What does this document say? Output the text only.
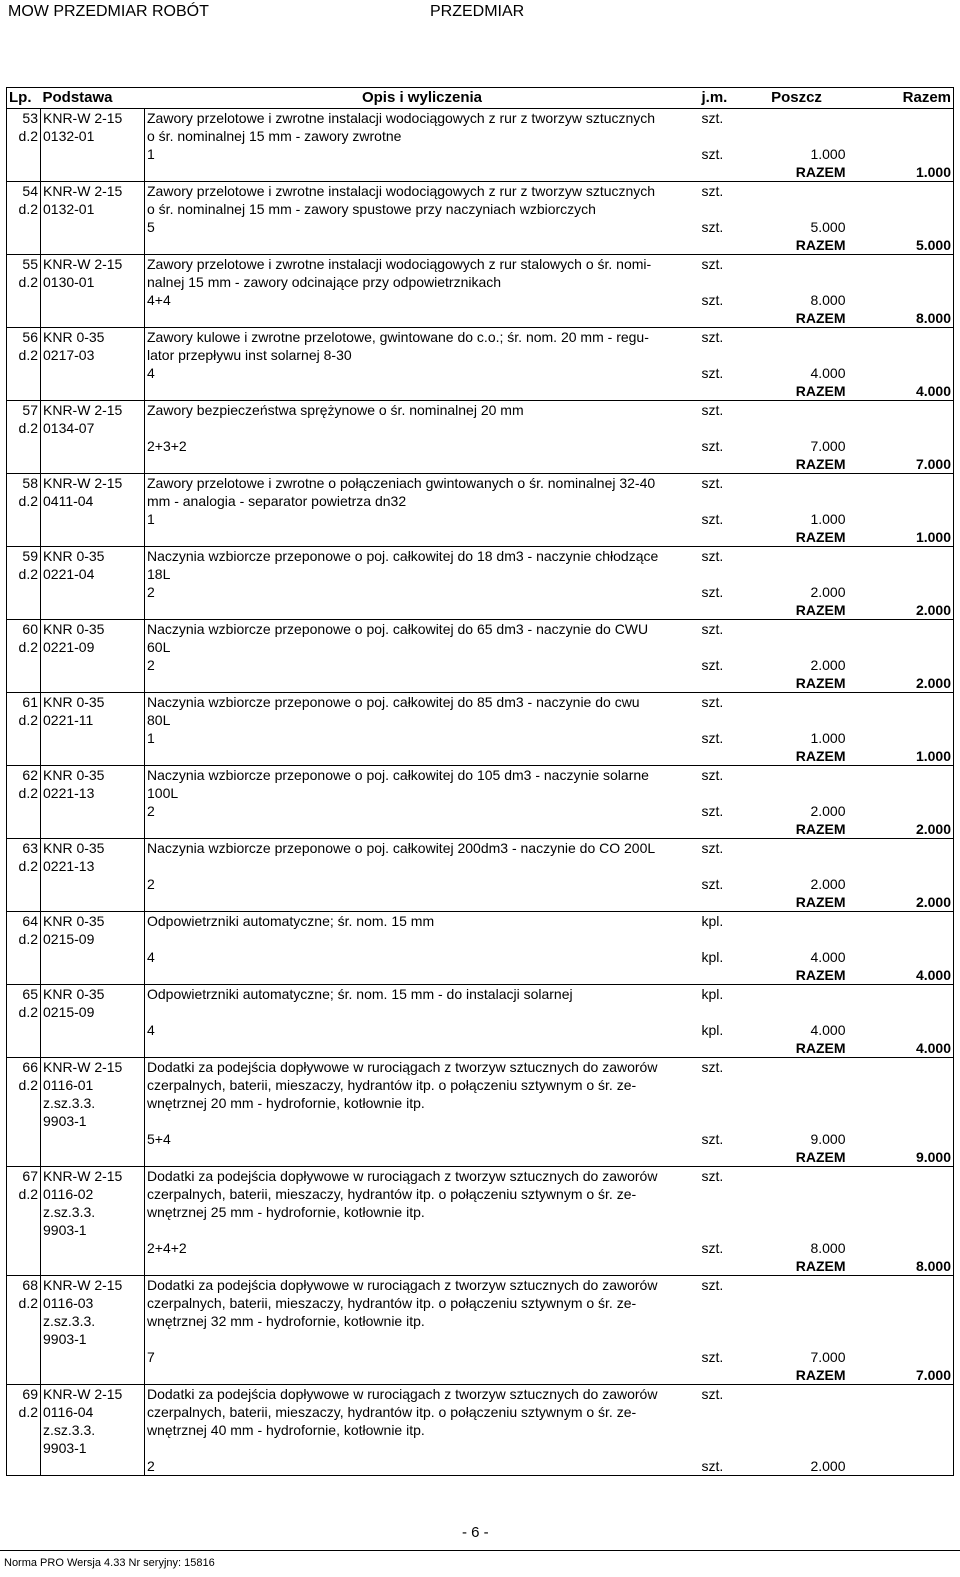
MOW PRZEDMIAR ROBÓT	PRZEDMIAR
Lp.	Podstawa	Opis i wyliczenia	j.m.	Poszcz	Razem
53	KNR-W 2-15	Zawory przelotowe i zwrotne instalacji wodociągowych z rur z tworzyw sztucznych	szt.		
d.2	0132-01	o śr. nominalnej 15 mm - zawory zwrotne			
		1	szt.	1.000	
				RAZEM	1.000
54	KNR-W 2-15	Zawory przelotowe i zwrotne instalacji wodociągowych z rur z tworzyw sztucznych	szt.		
d.2	0132-01	o śr. nominalnej 15 mm - zawory spustowe przy naczyniach wzbiorczych			
		5	szt.	5.000	
				RAZEM	5.000
55	KNR-W 2-15	Zawory przelotowe i zwrotne instalacji wodociągowych z rur stalowych o śr. nomi-	szt.		
d.2	0130-01	nalnej 15 mm - zawory odcinające przy odpowietrznikach			
		4+4	szt.	8.000	
				RAZEM	8.000
56	KNR 0-35	Zawory kulowe i zwrotne przelotowe, gwintowane do c.o.; śr. nom. 20 mm - regu-	szt.		
d.2	0217-03	lator przepływu inst solarnej 8-30			
		4	szt.	4.000	
				RAZEM	4.000
57	KNR-W 2-15	Zawory bezpieczeństwa sprężynowe o śr. nominalnej 20 mm	szt.		
d.2	0134-07				
		2+3+2	szt.	7.000	
				RAZEM	7.000
58	KNR-W 2-15	Zawory przelotowe i zwrotne o połączeniach gwintowanych o śr. nominalnej 32-40	szt.		
d.2	0411-04	mm - analogia - separator powietrza dn32			
		1	szt.	1.000	
				RAZEM	1.000
59	KNR 0-35	Naczynia wzbiorcze przeponowe o poj. całkowitej do 18 dm3 - naczynie chłodzące	szt.		
d.2	0221-04	18L			
		2	szt.	2.000	
				RAZEM	2.000
60	KNR 0-35	Naczynia wzbiorcze przeponowe o poj. całkowitej do 65 dm3 - naczynie do CWU	szt.		
d.2	0221-09	60L			
		2	szt.	2.000	
				RAZEM	2.000
61	KNR 0-35	Naczynia wzbiorcze przeponowe o poj. całkowitej do 85 dm3 - naczynie do cwu	szt.		
d.2	0221-11	80L			
		1	szt.	1.000	
				RAZEM	1.000
62	KNR 0-35	Naczynia wzbiorcze przeponowe o poj. całkowitej do 105 dm3 - naczynie solarne	szt.		
d.2	0221-13	100L			
		2	szt.	2.000	
				RAZEM	2.000
63	KNR 0-35	Naczynia wzbiorcze przeponowe o poj. całkowitej 200dm3 - naczynie do CO 200L	szt.		
d.2	0221-13				
		2	szt.	2.000	
				RAZEM	2.000
64	KNR 0-35	Odpowietrzniki automatyczne; śr. nom. 15 mm	kpl.		
d.2	0215-09				
		4	kpl.	4.000	
				RAZEM	4.000
65	KNR 0-35	Odpowietrzniki automatyczne; śr. nom. 15 mm - do instalacji solarnej	kpl.		
d.2	0215-09				
		4	kpl.	4.000	
				RAZEM	4.000
66	KNR-W 2-15	Dodatki za podejścia dopływowe w rurociągach z tworzyw sztucznych do zaworów	szt.		
d.2	0116-01	czerpalnych, baterii, mieszaczy, hydrantów itp. o połączeniu sztywnym o śr. ze-			
	z.sz.3.3.	wnętrznej 20 mm - hydrofornie, kotłownie itp.			
	9903-1				
		5+4	szt.	9.000	
				RAZEM	9.000
67	KNR-W 2-15	Dodatki za podejścia dopływowe w rurociągach z tworzyw sztucznych do zaworów	szt.		
d.2	0116-02	czerpalnych, baterii, mieszaczy, hydrantów itp. o połączeniu sztywnym o śr. ze-			
	z.sz.3.3.	wnętrznej 25 mm - hydrofornie, kotłownie itp.			
	9903-1				
		2+4+2	szt.	8.000	
				RAZEM	8.000
68	KNR-W 2-15	Dodatki za podejścia dopływowe w rurociągach z tworzyw sztucznych do zaworów	szt.		
d.2	0116-03	czerpalnych, baterii, mieszaczy, hydrantów itp. o połączeniu sztywnym o śr. ze-			
	z.sz.3.3.	wnętrznej 32 mm - hydrofornie, kotłownie itp.			
	9903-1				
		7	szt.	7.000	
				RAZEM	7.000
69	KNR-W 2-15	Dodatki za podejścia dopływowe w rurociągach z tworzyw sztucznych do zaworów	szt.		
d.2	0116-04	czerpalnych, baterii, mieszaczy, hydrantów itp. o połączeniu sztywnym o śr. ze-			
	z.sz.3.3.	wnętrznej 40 mm - hydrofornie, kotłownie itp.			
	9903-1				
		2	szt.	2.000	
- 6 -
Norma PRO Wersja 4.33 Nr seryjny: 15816
